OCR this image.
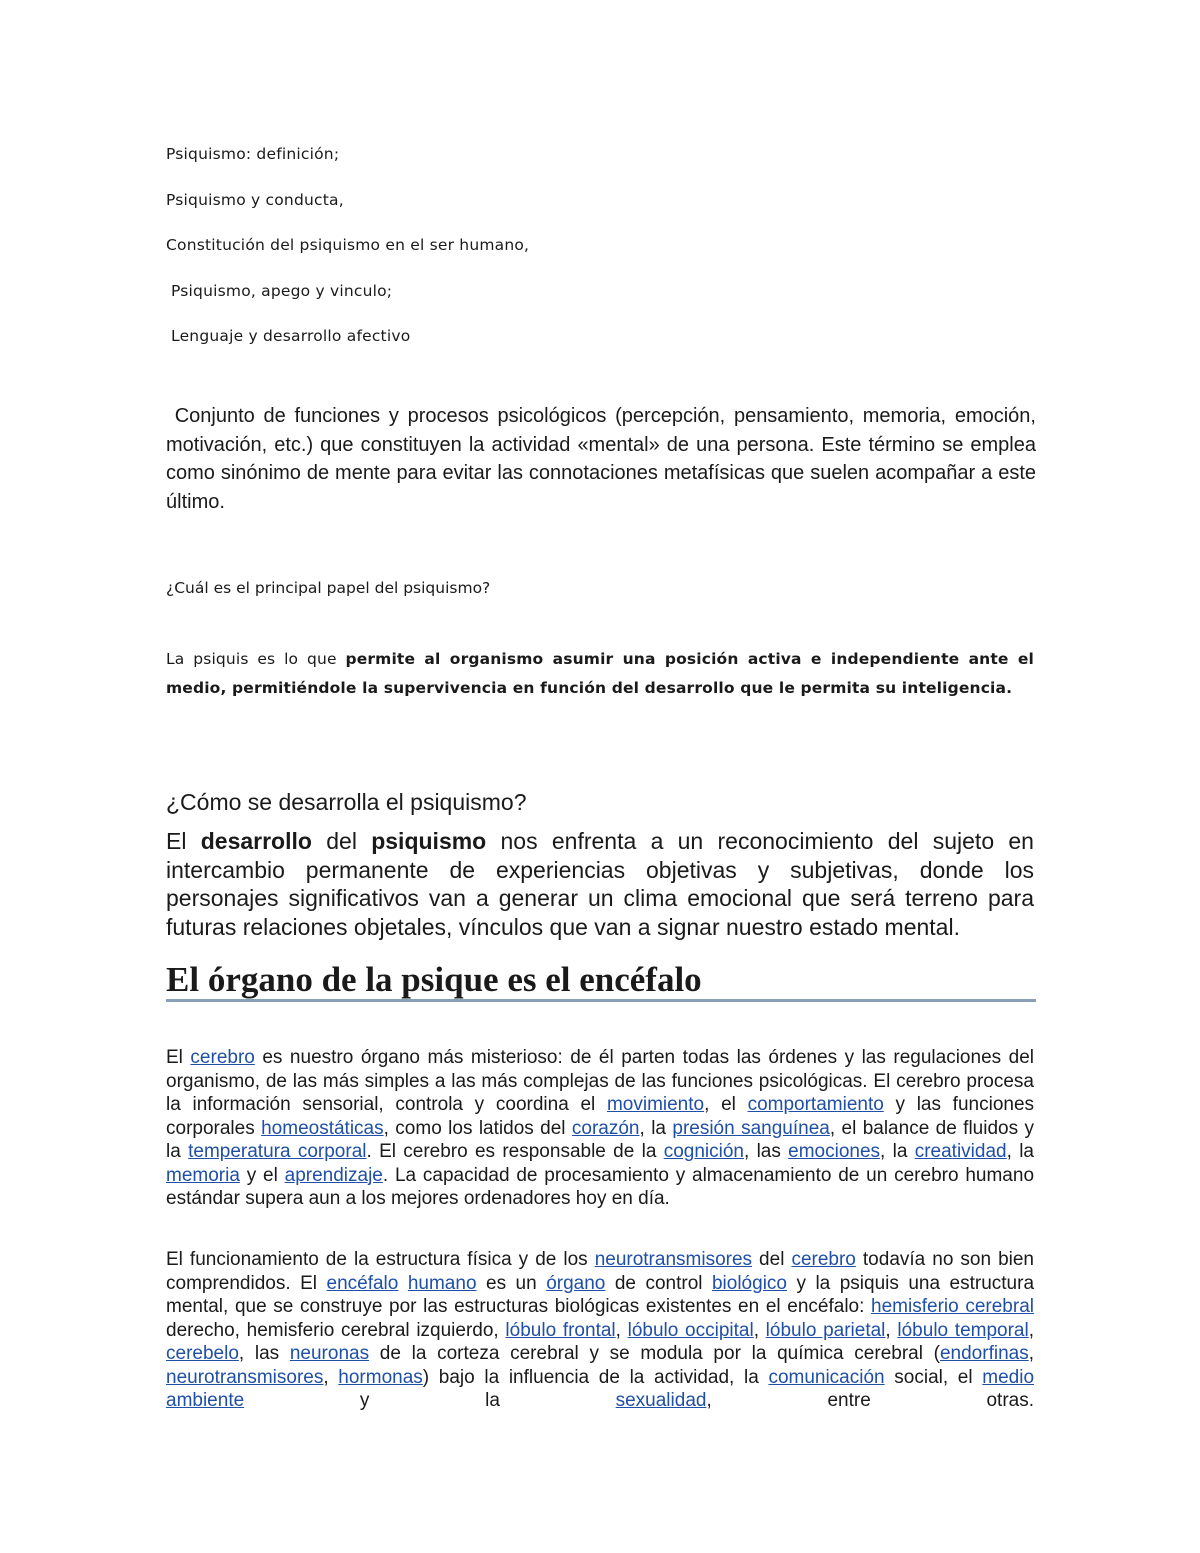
Psiquismo: definición;
Psiquismo y conducta,
Constitución del psiquismo en el ser humano,
Psiquismo, apego y vinculo;
Lenguaje y desarrollo afectivo

Conjunto de funciones y procesos psicológicos (percepción, pensamiento, memoria, emoción, motivación, etc.) que constituyen la actividad «mental» de una persona. Este término se emplea como sinónimo de mente para evitar las connotaciones metafísicas que suelen acompañar a este último.

¿Cuál es el principal papel del psiquismo?

La psiquis es lo que permite al organismo asumir una posición activa e independiente ante el medio, permitiéndole la supervivencia en función del desarrollo que le permita su inteligencia.

¿Cómo se desarrolla el psiquismo?

El desarrollo del psiquismo nos enfrenta a un reconocimiento del sujeto en intercambio permanente de experiencias objetivas y subjetivas, donde los personajes significativos van a generar un clima emocional que será terreno para futuras relaciones objetales, vínculos que van a signar nuestro estado mental.

El órgano de la psique es el encéfalo

El cerebro es nuestro órgano más misterioso: de él parten todas las órdenes y las regulaciones del organismo, de las más simples a las más complejas de las funciones psicológicas. El cerebro procesa la información sensorial, controla y coordina el movimiento, el comportamiento y las funciones corporales homeostáticas, como los latidos del corazón, la presión sanguínea, el balance de fluidos y la temperatura corporal. El cerebro es responsable de la cognición, las emociones, la creatividad, la memoria y el aprendizaje. La capacidad de procesamiento y almacenamiento de un cerebro humano estándar supera aun a los mejores ordenadores hoy en día.

El funcionamiento de la estructura física y de los neurotransmisores del cerebro todavía no son bien comprendidos. El encéfalo humano es un órgano de control biológico y la psiquis una estructura mental, que se construye por las estructuras biológicas existentes en el encéfalo: hemisferio cerebral derecho, hemisferio cerebral izquierdo, lóbulo frontal, lóbulo occipital, lóbulo parietal, lóbulo temporal, cerebelo, las neuronas de la corteza cerebral y se modula por la química cerebral (endorfinas, neurotransmisores, hormonas) bajo la influencia de la actividad, la comunicación social, el medio ambiente y la sexualidad, entre otras.
